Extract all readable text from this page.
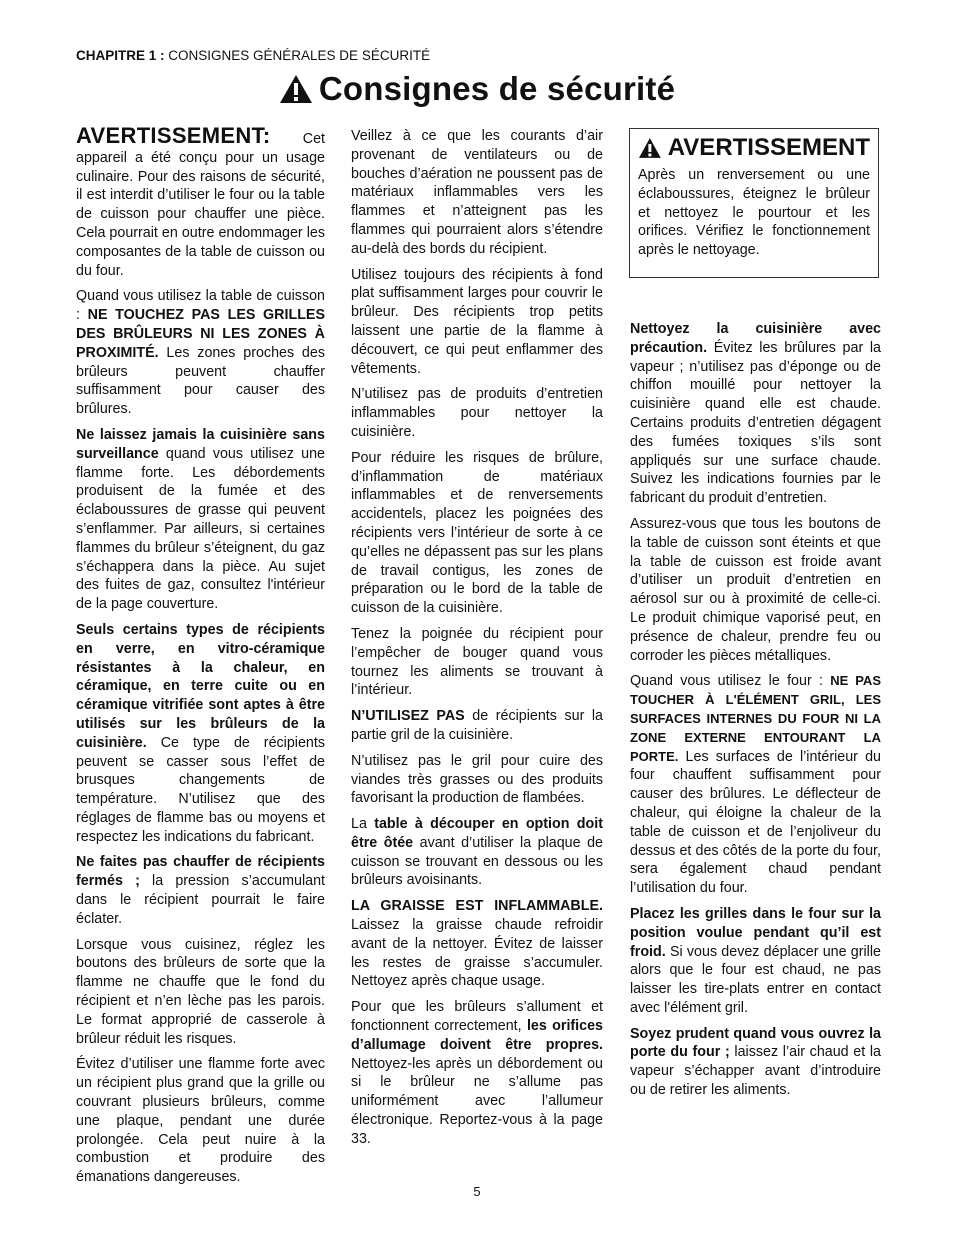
CHAPITRE 1 : CONSIGNES GÉNÉRALES DE SÉCURITÉ
Consignes de sécurité

AVERTISSEMENT: Cet appareil a été conçu pour un usage culinaire. Pour des raisons de sécurité, il est interdit d’utiliser le four ou la table de cuisson pour chauffer une pièce. Cela pourrait en outre endommager les composantes de la table de cuisson ou du four.

Quand vous utilisez la table de cuisson : NE TOUCHEZ PAS LES GRILLES DES BRÛLEURS NI LES ZONES À PROXIMITÉ. Les zones proches des brûleurs peuvent chauffer suffisamment pour causer des brûlures.

Ne laissez jamais la cuisinière sans surveillance quand vous utilisez une flamme forte. Les débordements produisent de la fumée et des éclaboussures de grasse qui peuvent s’enflammer. Par ailleurs, si certaines flammes du brûleur s’éteignent, du gaz s’échappera dans la pièce. Au sujet des fuites de gaz, consultez l'intérieur de la page couverture.

Seuls certains types de récipients en verre, en vitro-céramique résistantes à la chaleur, en céramique, en terre cuite ou en céramique vitrifiée sont aptes à être utilisés sur les brûleurs de la cuisinière. Ce type de récipients peuvent se casser sous l’effet de brusques changements de température. N’utilisez que des réglages de flamme bas ou moyens et respectez les indications du fabricant.

Ne faites pas chauffer de récipients fermés ; la pression s’accumulant dans le récipient pourrait le faire éclater.

Lorsque vous cuisinez, réglez les boutons des brûleurs de sorte que la flamme ne chauffe que le fond du récipient et n’en lèche pas les parois. Le format approprié de casserole à brûleur réduit les risques.

Évitez d’utiliser une flamme forte avec un récipient plus grand que la grille ou couvrant plusieurs brûleurs, comme une plaque, pendant une durée prolongée. Cela peut nuire à la combustion et produire des émanations dangereuses.

Veillez à ce que les courants d’air provenant de ventilateurs ou de bouches d’aération ne poussent pas de matériaux inflammables vers les flammes et n’atteignent pas les flammes qui pourraient alors s’étendre au-delà des bords du récipient.

Utilisez toujours des récipients à fond plat suffisamment larges pour couvrir le brûleur. Des récipients trop petits laissent une partie de la flamme à découvert, ce qui peut enflammer des vêtements.

N’utilisez pas de produits d’entretien inflammables pour nettoyer la cuisinière.

Pour réduire les risques de brûlure, d’inflammation de matériaux inflammables et de renversements accidentels, placez les poignées des récipients vers l’intérieur de sorte à ce qu’elles ne dépassent pas sur les plans de travail contigus, les zones de préparation ou le bord de la table de cuisson de la cuisinière.

Tenez la poignée du récipient pour l’empêcher de bouger quand vous tournez les aliments se trouvant à l’intérieur.

N’UTILISEZ PAS de récipients sur la partie gril de la cuisinière.

N’utilisez pas le gril pour cuire des viandes très grasses ou des produits favorisant la production de flambées.

La table à découper en option doit être ôtée avant d’utiliser la plaque de cuisson se trouvant en dessous ou les brûleurs avoisinants.

LA GRAISSE EST INFLAMMABLE. Laissez la graisse chaude refroidir avant de la nettoyer. Évitez de laisser les restes de graisse s’accumuler. Nettoyez après chaque usage.

Pour que les brûleurs s’allument et fonctionnent correctement, les orifices d’allumage doivent être propres. Nettoyez-les après un débordement ou si le brûleur ne s’allume pas uniformément avec l’allumeur électronique. Reportez-vous à la page 33.

AVERTISSEMENT
Après un renversement ou une éclaboussures, éteignez le brûleur et nettoyez le pourtour et les orifices. Vérifiez le fonctionnement après le nettoyage.

Nettoyez la cuisinière avec précaution. Évitez les brûlures par la vapeur ; n’utilisez pas d’éponge ou de chiffon mouillé pour nettoyer la cuisinière quand elle est chaude. Certains produits d’entretien dégagent des fumées toxiques s’ils sont appliqués sur une surface chaude. Suivez les indications fournies par le fabricant du produit d’entretien.

Assurez-vous que tous les boutons de la table de cuisson sont éteints et que la table de cuisson est froide avant d’utiliser un produit d’entretien en aérosol sur ou à proximité de celle-ci. Le produit chimique vaporisé peut, en présence de chaleur, prendre feu ou corroder les pièces métalliques.

Quand vous utilisez le four : NE PAS TOUCHER À L'ÉLÉMENT GRIL, LES SURFACES INTERNES DU FOUR NI LA ZONE EXTERNE ENTOURANT LA PORTE. Les surfaces de l’intérieur du four chauffent suffisamment pour causer des brûlures. Le déflecteur de chaleur, qui éloigne la chaleur de la table de cuisson et de l’enjoliveur du dessus et des côtés de la porte du four, sera également chaud pendant l’utilisation du four.

Placez les grilles dans le four sur la position voulue pendant qu’il est froid. Si vous devez déplacer une grille alors que le four est chaud, ne pas laisser les tire-plats entrer en contact avec l'élément gril.

Soyez prudent quand vous ouvrez la porte du four ; laissez l’air chaud et la vapeur s’échapper avant d’introduire ou de retirer les aliments.

5
